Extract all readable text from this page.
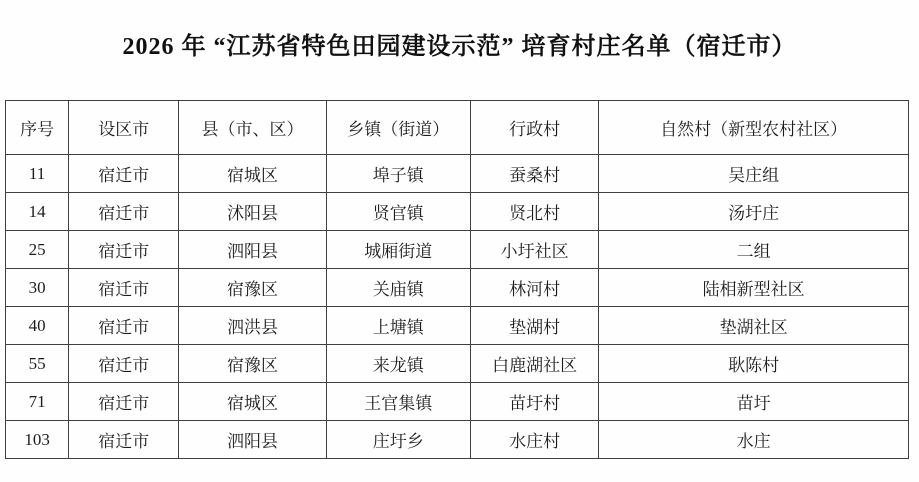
2026 年 “江苏省特色田园建设示范” 培育村庄名单（宿迁市）
序号	设区市	县（市、区）	乡镇（街道）	行政村	自然村（新型农村社区）
11	宿迁市	宿城区	埠子镇	蚕桑村	吴庄组
14	宿迁市	沭阳县	贤官镇	贤北村	汤圩庄
25	宿迁市	泗阳县	城厢街道	小圩社区	二组
30	宿迁市	宿豫区	关庙镇	林河村	陆相新型社区
40	宿迁市	泗洪县	上塘镇	垫湖村	垫湖社区
55	宿迁市	宿豫区	来龙镇	白鹿湖社区	耿陈村
71	宿迁市	宿城区	王官集镇	苗圩村	苗圩
103	宿迁市	泗阳县	庄圩乡	水庄村	水庄
